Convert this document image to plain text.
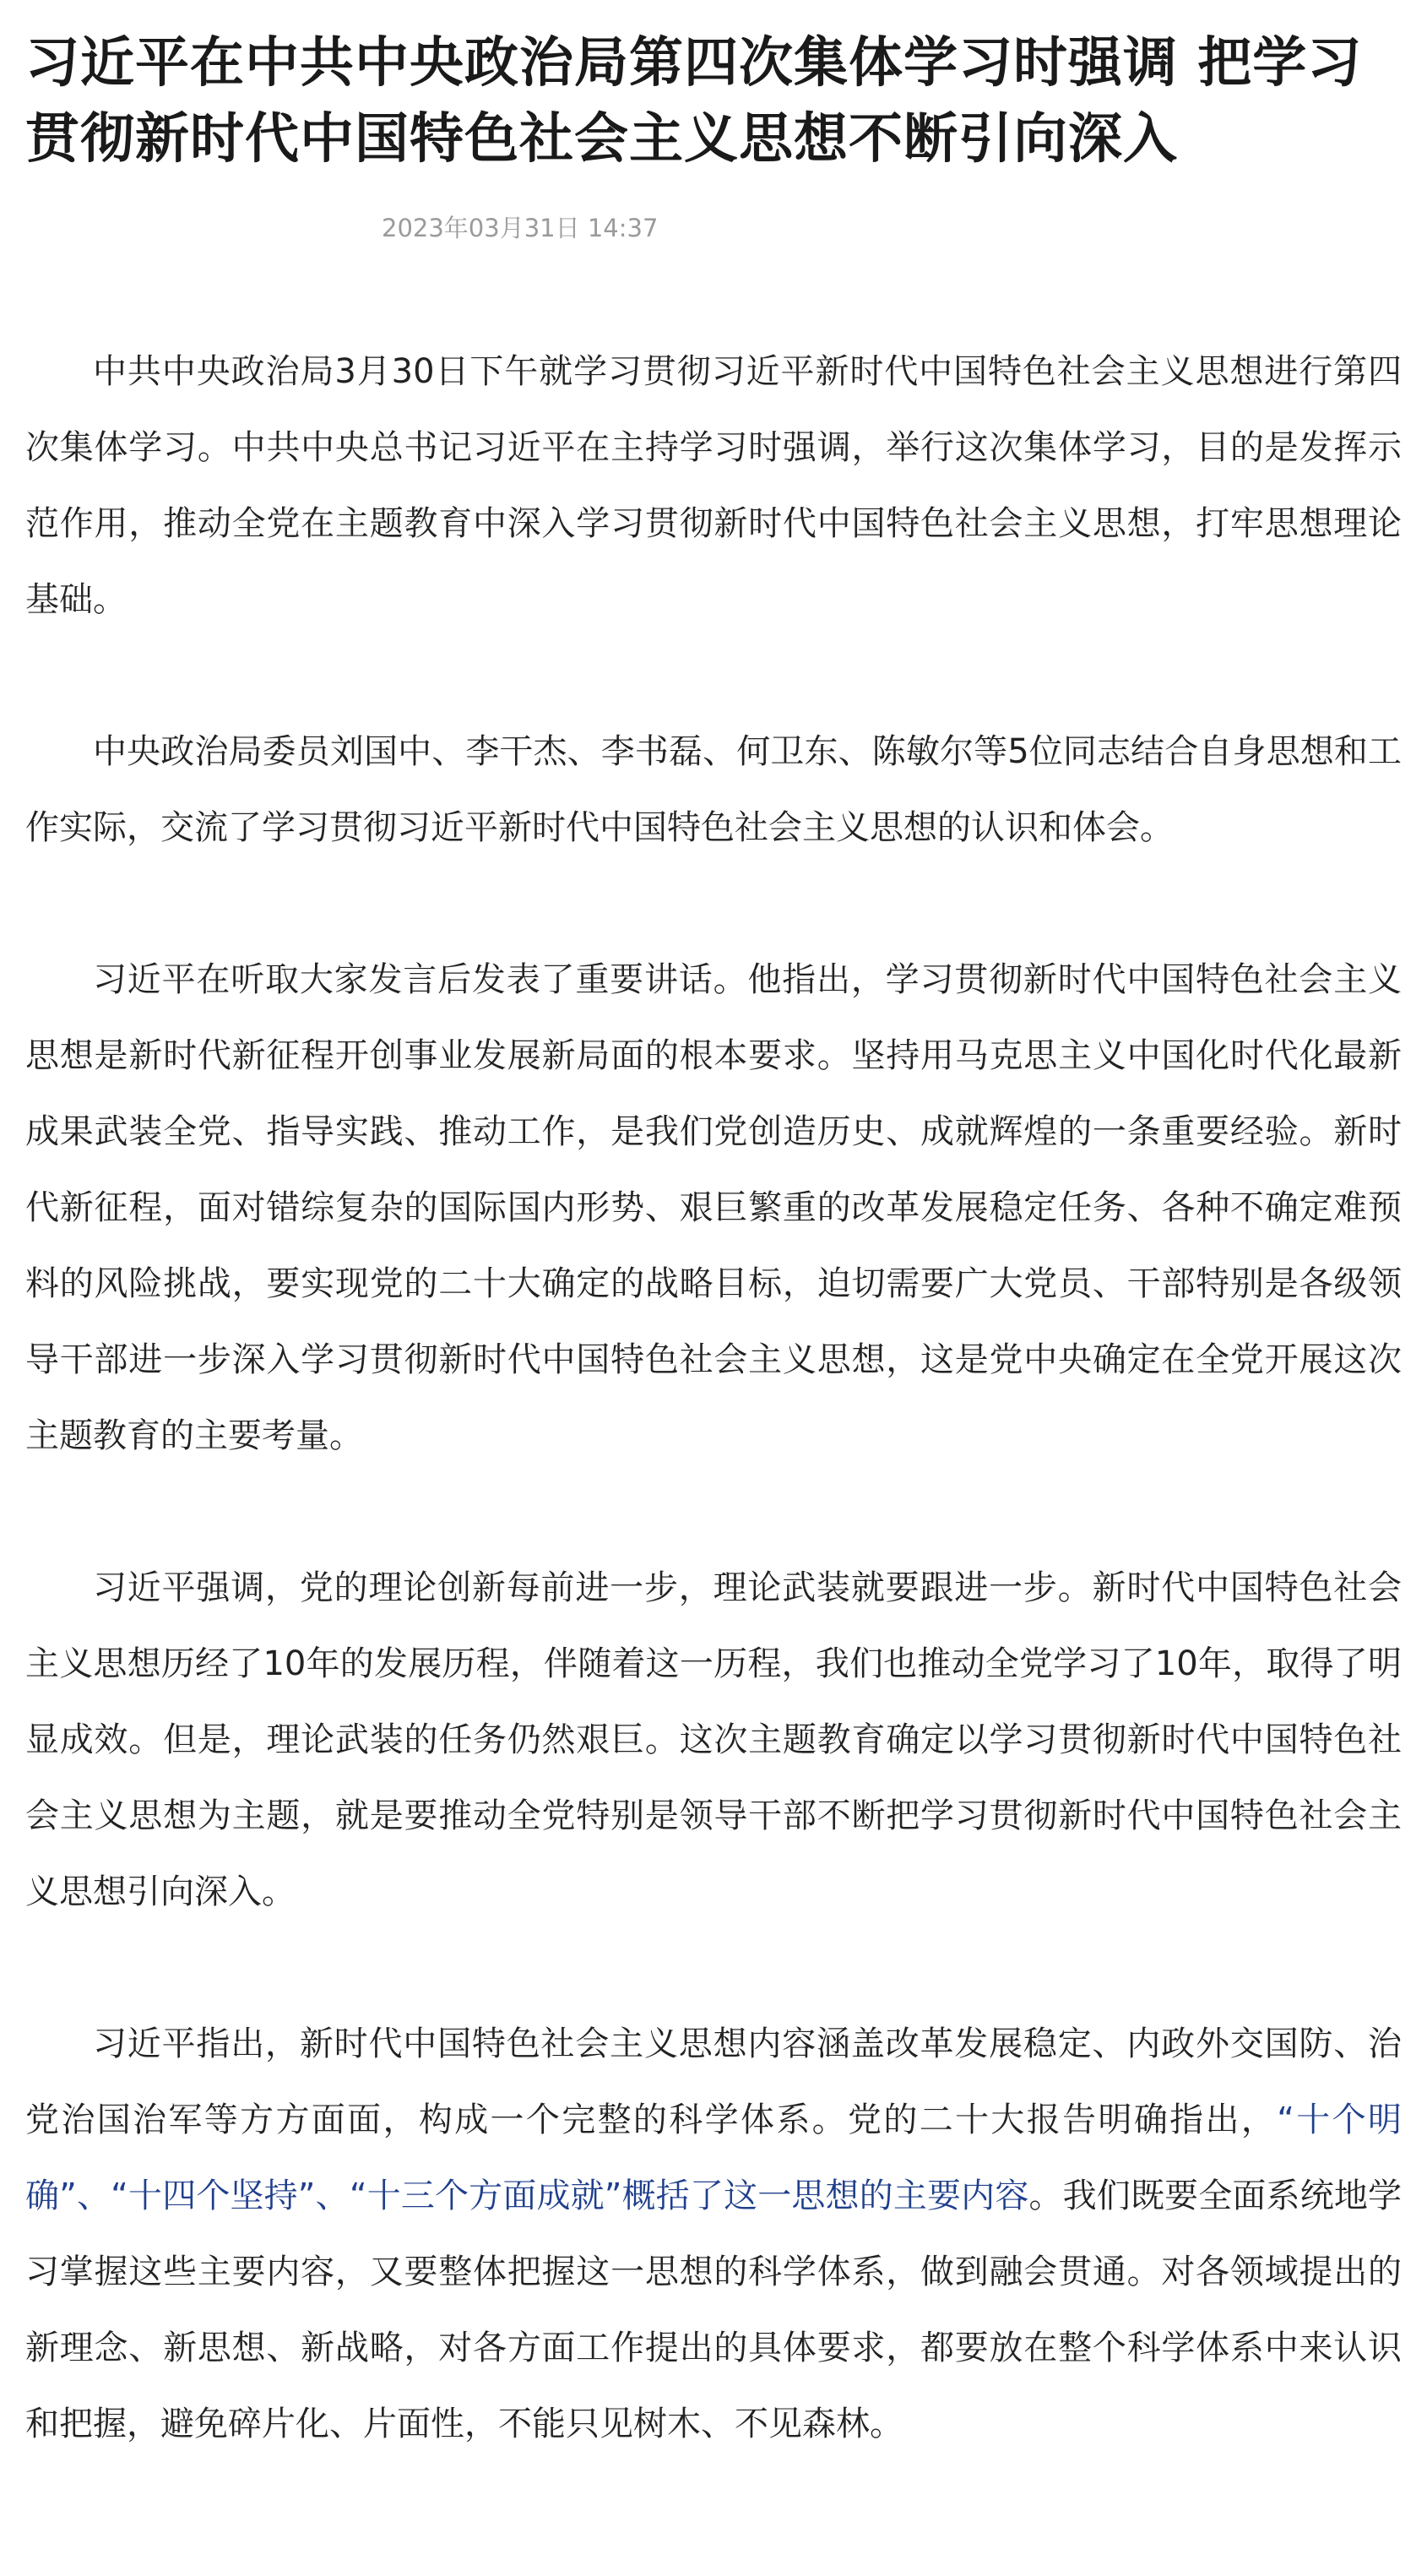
习近平在中共中央政治局第四次集体学习时强调 把学习贯彻新时代中国特色社会主义思想不断引向深入
2023年03月31日 14:37

中共中央政治局3月30日下午就学习贯彻习近平新时代中国特色社会主义思想进行第四次集体学习。中共中央总书记习近平在主持学习时强调，举行这次集体学习，目的是发挥示范作用，推动全党在主题教育中深入学习贯彻新时代中国特色社会主义思想，打牢思想理论基础。

中央政治局委员刘国中、李干杰、李书磊、何卫东、陈敏尔等5位同志结合自身思想和工作实际，交流了学习贯彻习近平新时代中国特色社会主义思想的认识和体会。

习近平在听取大家发言后发表了重要讲话。他指出，学习贯彻新时代中国特色社会主义思想是新时代新征程开创事业发展新局面的根本要求。坚持用马克思主义中国化时代化最新成果武装全党、指导实践、推动工作，是我们党创造历史、成就辉煌的一条重要经验。新时代新征程，面对错综复杂的国际国内形势、艰巨繁重的改革发展稳定任务、各种不确定难预料的风险挑战，要实现党的二十大确定的战略目标，迫切需要广大党员、干部特别是各级领导干部进一步深入学习贯彻新时代中国特色社会主义思想，这是党中央确定在全党开展这次主题教育的主要考量。

习近平强调，党的理论创新每前进一步，理论武装就要跟进一步。新时代中国特色社会主义思想历经了10年的发展历程，伴随着这一历程，我们也推动全党学习了10年，取得了明显成效。但是，理论武装的任务仍然艰巨。这次主题教育确定以学习贯彻新时代中国特色社会主义思想为主题，就是要推动全党特别是领导干部不断把学习贯彻新时代中国特色社会主义思想引向深入。

习近平指出，新时代中国特色社会主义思想内容涵盖改革发展稳定、内政外交国防、治党治国治军等方方面面，构成一个完整的科学体系。党的二十大报告明确指出，“十个明确”、“十四个坚持”、“十三个方面成就”概括了这一思想的主要内容。我们既要全面系统地学习掌握这些主要内容，又要整体把握这一思想的科学体系，做到融会贯通。对各领域提出的新理念、新思想、新战略，对各方面工作提出的具体要求，都要放在整个科学体系中来认识和把握，避免碎片化、片面性，不能只见树木、不见森林。
